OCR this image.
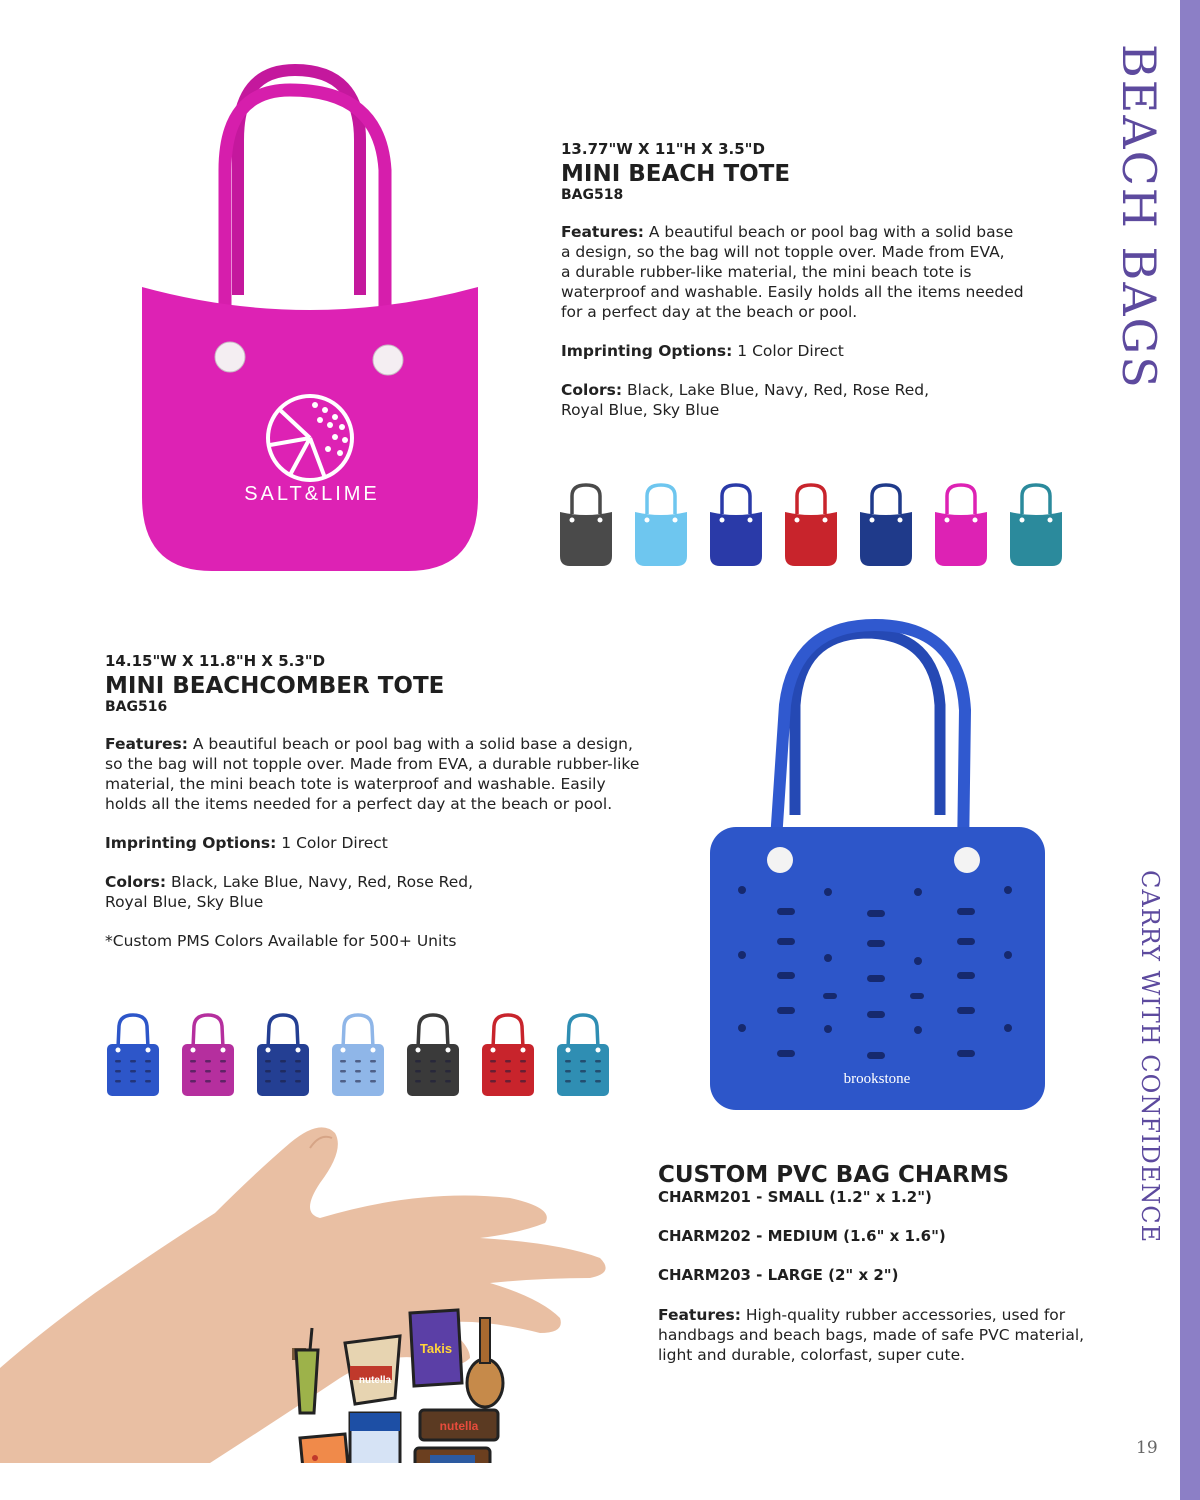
BEACH BAGS
CARRY WITH CONFIDENCE
19
SALT&LIME
13.77"W X 11"H X 3.5"D
MINI BEACH TOTE
BAG518

Features: A beautiful beach or pool bag with a solid base
a design, so the bag will not topple over. Made from EVA,
a durable rubber-like material, the mini beach tote is
waterproof and washable. Easily holds all the items needed
for a perfect day at the beach or pool.

Imprinting Options: 1 Color Direct

Colors: Black, Lake Blue, Navy, Red, Rose Red,
Royal Blue, Sky Blue

14.15"W X 11.8"H X 5.3"D
MINI BEACHCOMBER TOTE
BAG516

Features: A beautiful beach or pool bag with a solid base a design,
so the bag will not topple over. Made from EVA, a durable rubber-like
material, the mini beach tote is waterproof and washable. Easily
holds all the items needed for a perfect day at the beach or pool.

Imprinting Options: 1 Color Direct

Colors: Black, Lake Blue, Navy, Red, Rose Red,
Royal Blue, Sky Blue

*Custom PMS Colors Available for 500+ Units

brookstone
Takis
nutella
nutella
CUSTOM PVC BAG CHARMS

CHARM201 - SMALL (1.2" x 1.2")

CHARM202 - MEDIUM (1.6" x 1.6")

CHARM203 - LARGE (2" x 2")

Features: High-quality rubber accessories, used for
handbags and beach bags, made of safe PVC material,
light and durable, colorfast, super cute.
